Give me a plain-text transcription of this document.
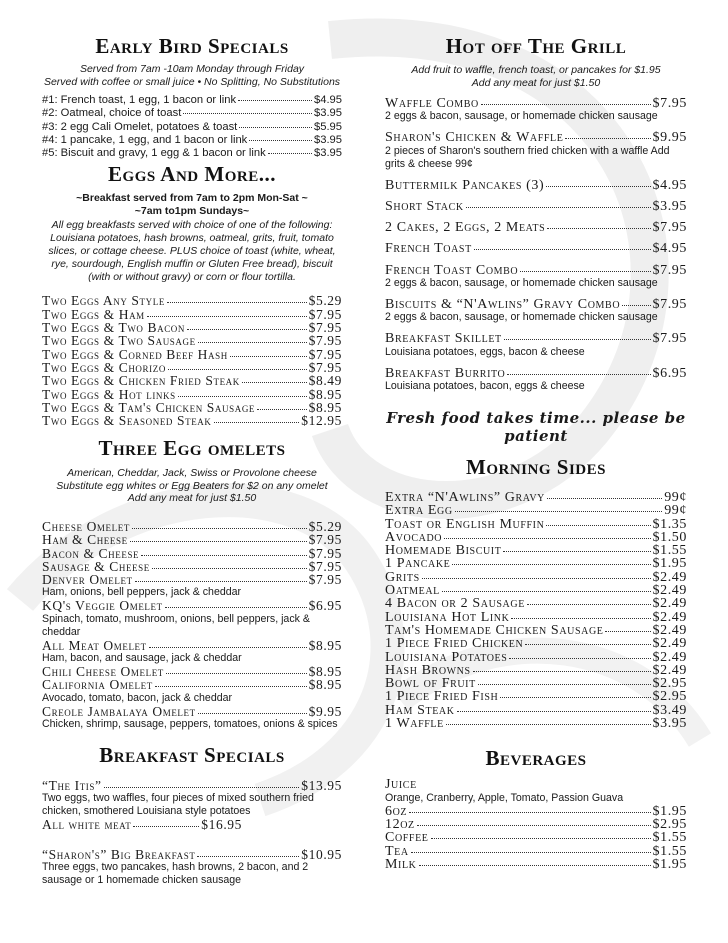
Early Bird Specials

Served from 7am -10am Monday through Friday

Served with coffee or small juice • No Splitting, No Substitutions

#1: French toast, 1 egg, 1 bacon or link	$4.95
#2: Oatmeal, choice of toast	$3.95
#3: 2 egg Cali Omelet, potatoes & toast	$5.95
#4: 1 pancake, 1 egg, and 1 bacon or link	$3.95
#5: Biscuit and gravy, 1 egg & 1 bacon or link	$3.95
Eggs And More...

~Breakfast served from 7am to 2pm Mon-Sat ~

~7am to1pm Sundays~

All egg breakfasts served with choice of one of the following: Louisiana potatoes, hash browns, oatmeal, grits, fruit, tomato slices, or cottage cheese. PLUS choice of toast (white, wheat, rye, sourdough, English muffin or Gluten Free bread), biscuit (with or without gravy) or corn or flour tortilla.

Two Eggs Any Style	$5.29
Two Eggs & Ham	$7.95
Two Eggs & Two Bacon	$7.95
Two Eggs & Two Sausage	$7.95
Two Eggs & Corned Beef Hash	$7.95
Two Eggs & Chorizo	$7.95
Two Eggs & Chicken Fried Steak	$8.49
Two Eggs & Hot links	$8.95
Two Eggs & Tam's Chicken Sausage	$8.95
Two Eggs & Seasoned Steak	$12.95
Three Egg omelets

American, Cheddar, Jack, Swiss or Provolone cheese

Substitute egg whites or Egg Beaters for $2 on any omelet

Add any meat for just $1.50

Cheese Omelet	$5.29
Ham & Cheese	$7.95
Bacon & Cheese	$7.95
Sausage & Cheese	$7.95
Denver Omelet	$7.95

Ham, onions, bell peppers, jack & cheddar

KQ's Veggie Omelet	$6.95

Spinach, tomato, mushroom, onions, bell peppers, jack & cheddar

All Meat Omelet	$8.95

Ham, bacon, and sausage, jack & cheddar

Chili Cheese Omelet	$8.95
California Omelet	$8.95

Avocado, tomato, bacon, jack & cheddar

Creole Jambalaya Omelet	$9.95

Chicken, shrimp, sausage, peppers, tomatoes, onions & spices

Breakfast Specials
“The Itis”	$13.95

Two eggs, two waffles, four pieces of mixed southern fried chicken, smothered Louisiana style potatoes

All white meat	$16.95
“Sharon's” Big Breakfast	$10.95

Three eggs, two pancakes, hash browns, 2 bacon, and 2 sausage or 1 homemade chicken sausage

Hot off The Grill

Add fruit to waffle, french toast, or pancakes for $1.95

Add any meat for just $1.50

Waffle Combo	$7.95

2 eggs & bacon, sausage, or homemade chicken sausage

Sharon's Chicken & Waffle	$9.95

2 pieces of Sharon's southern fried chicken with a waffle Add grits & cheese 99¢

Buttermilk Pancakes (3)	$4.95
Short Stack	$3.95
2 Cakes, 2 Eggs, 2 Meats	$7.95
French Toast	$4.95
French Toast Combo	$7.95

2 eggs & bacon, sausage, or homemade chicken sausage

Biscuits & “N'Awlins” Gravy Combo $7.95

2 eggs & bacon, sausage, or homemade chicken sausage

Breakfast Skillet	$7.95

Louisiana potatoes, eggs, bacon & cheese

Breakfast Burrito	$6.95

Louisiana potatoes, bacon, eggs & cheese

Fresh food takes time... please be patient
Morning Sides
Extra “N'Awlins” Gravy	99¢
Extra Egg	99¢
Toast or English Muffin	$1.35
Avocado	$1.50
Homemade Biscuit	$1.55
1 Pancake	$1.95
Grits	$2.49
Oatmeal	$2.49
4 Bacon or 2 Sausage	$2.49
Louisiana Hot Link	$2.49
Tam's Homemade Chicken Sausage	$2.49
1 Piece Fried Chicken	$2.49
Louisiana Potatoes	$2.49
Hash Browns	$2.49
Bowl of Fruit	$2.95
1 Piece Fried Fish	$2.95
Ham Steak	$3.49
1 Waffle	$3.95
Beverages
Juice

Orange, Cranberry, Apple, Tomato, Passion Guava

6oz	$1.95
12oz	$2.95
Coffee	$1.55
Tea	$1.55
Milk	$1.95
